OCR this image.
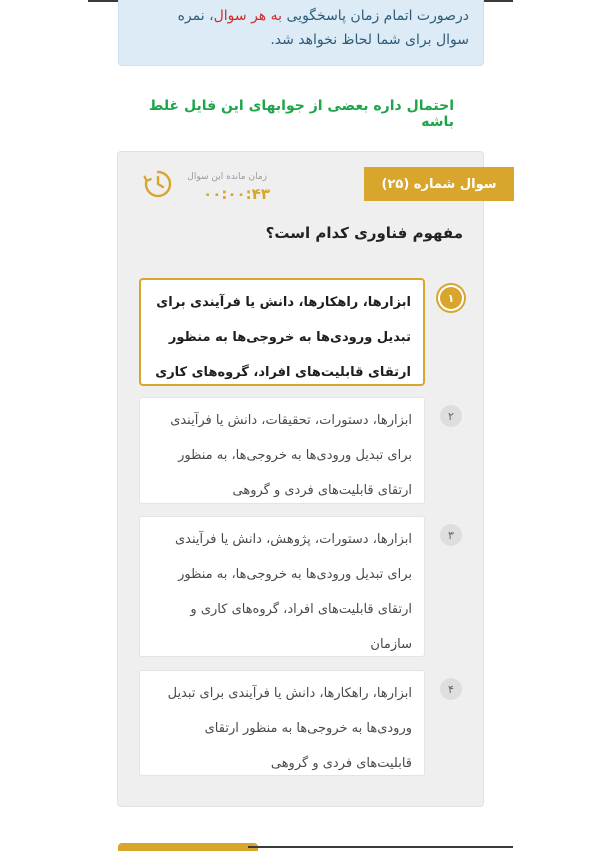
درصورت اتمام زمان پاسخگویی به هر سوال، نمره
سوال برای شما لحاظ نخواهد شد.
احتمال داره بعضی از جوابهای این فایل غلط باشه
سوال شماره (۲۵)
زمان مانده این سوال
۰۰:۰۰:۴۳
مفهوم فناوری کدام است؟
ابزارها، راهکارها، دانش یا فرآیندی برای تبدیل ورودی‌ها به خروجی‌ها به منظور ارتقای قابلیت‌های افراد، گروه‌های کاری
۱
ابزارها، دستورات، تحقیقات، دانش یا فرآیندی برای تبدیل ورودی‌ها به خروجی‌ها، به منظور ارتقای قابلیت‌های فردی و گروهی
۲
ابزارها، دستورات، پژوهش، دانش یا فرآیندی برای تبدیل ورودی‌ها به خروجی‌ها، به منظور ارتقای قابلیت‌های افراد، گروه‌های کاری و سازمان
۳
ابزارها، راهکارها، دانش یا فرآیندی برای تبدیل ورودی‌ها به خروجی‌ها به منظور ارتقای قابلیت‌های فردی و گروهی
۴
